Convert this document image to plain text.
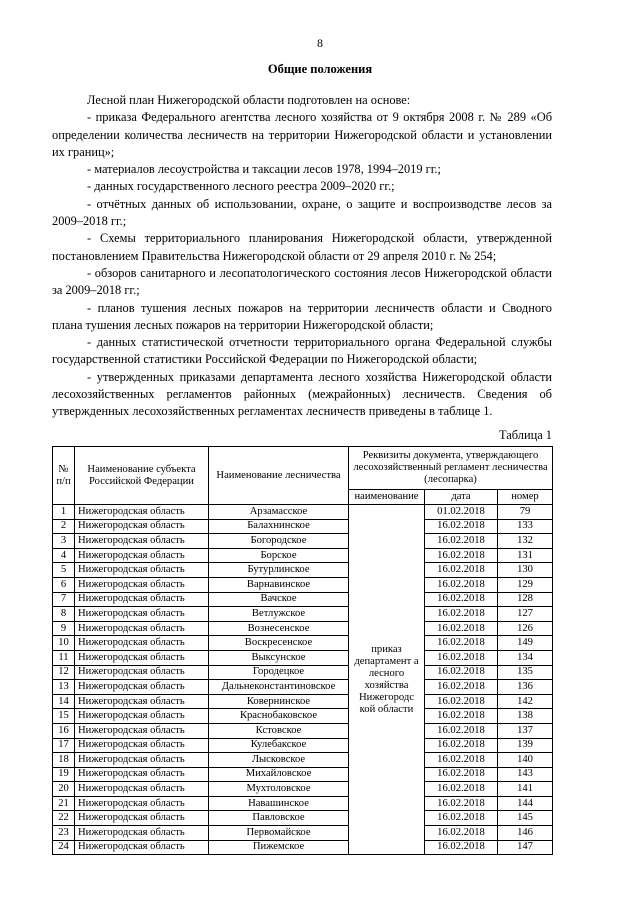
8
Общие положения

Лесной план Нижегородской области подготовлен на основе:

- приказа Федерального агентства лесного хозяйства от 9 октября 2008 г. № 289 «Об определении количества лесничеств на территории Нижегородской области и установлении их границ»;

- материалов лесоустройства и таксации лесов 1978, 1994–2019 гг.;

- данных государственного лесного реестра 2009–2020 гг.;

- отчётных данных об использовании, охране, о защите и воспроизводстве лесов за 2009–2018 гг.;

- Схемы территориального планирования Нижегородской области, утвержденной постановлением Правительства Нижегородской области от 29 апреля 2010 г. № 254;

- обзоров санитарного и лесопатологического состояния лесов Нижегородской области за 2009–2018 гг.;

- планов тушения лесных пожаров на территории лесничеств области и Сводного плана тушения лесных пожаров на территории Нижегородской области;

- данных статистической отчетности территориального органа Федеральной службы государственной статистики Российской Федерации по Нижегородской области;

- утвержденных приказами департамента лесного хозяйства Нижегородской области лесохозяйственных регламентов районных (межрайонных) лесничеств. Сведения об утвержденных лесохозяйственных регламентах лесничеств приведены в таблице 1.

Таблица 1
№ п/п	Наименование субъекта Российской Федерации	Наименование лесничества	Реквизиты документа, утверждающего лесохозяйственный регламент лесничества (лесопарка)		
			наименование	дата	номер
1	Нижегородская область	Арзамасское	приказ департамент а лесного хозяйства Нижегородс кой области	01.02.2018	79
2	Нижегородская область	Балахнинское		16.02.2018	133
3	Нижегородская область	Богородское		16.02.2018	132
4	Нижегородская область	Борское		16.02.2018	131
5	Нижегородская область	Бутурлинское		16.02.2018	130
6	Нижегородская область	Варнавинское		16.02.2018	129
7	Нижегородская область	Вачское		16.02.2018	128
8	Нижегородская область	Ветлужское		16.02.2018	127
9	Нижегородская область	Вознесенское		16.02.2018	126
10	Нижегородская область	Воскресенское		16.02.2018	149
11	Нижегородская область	Выксунское		16.02.2018	134
12	Нижегородская область	Городецкое		16.02.2018	135
13	Нижегородская область	Дальнеконстантиновское		16.02.2018	136
14	Нижегородская область	Ковернинское		16.02.2018	142
15	Нижегородская область	Краснобаковское		16.02.2018	138
16	Нижегородская область	Кстовское		16.02.2018	137
17	Нижегородская область	Кулебакское		16.02.2018	139
18	Нижегородская область	Лысковское		16.02.2018	140
19	Нижегородская область	Михайловское		16.02.2018	143
20	Нижегородская область	Мухтоловское		16.02.2018	141
21	Нижегородская область	Навашинское		16.02.2018	144
22	Нижегородская область	Павловское		16.02.2018	145
23	Нижегородская область	Первомайское		16.02.2018	146
24	Нижегородская область	Пижемское		16.02.2018	147
